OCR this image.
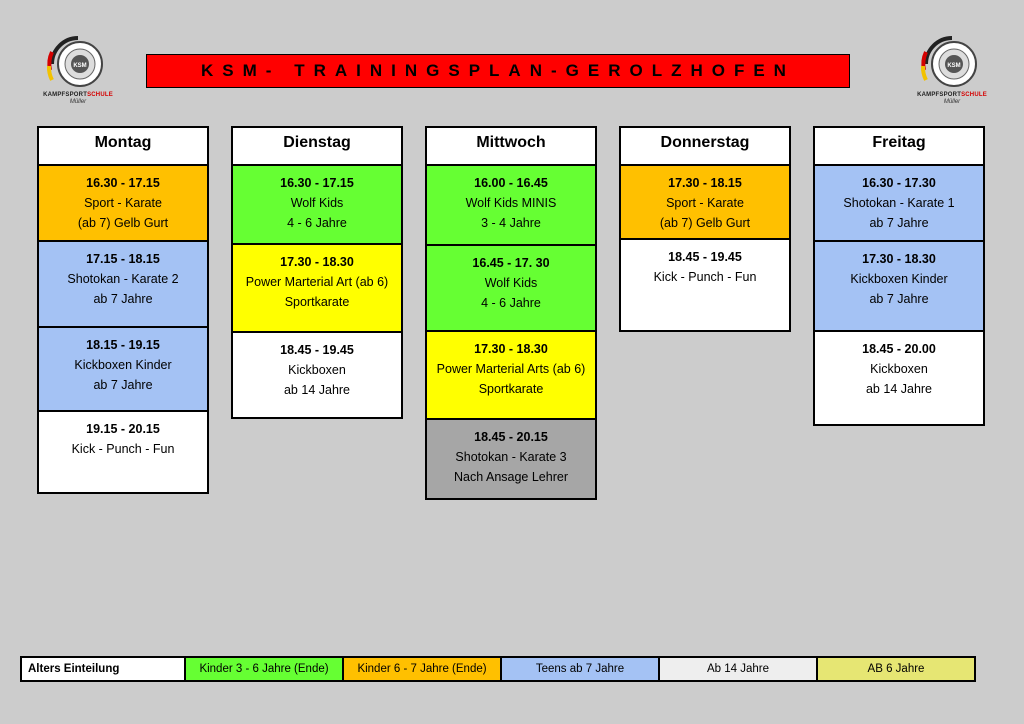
KSM
KAMPFSPORTSCHULE
Müller
KSM
KAMPFSPORTSCHULE
Müller
KSM- TRAININGSPLAN-GEROLZHOFEN
Montag
16.30 - 17.15
Sport - Karate
(ab 7) Gelb Gurt
17.15 - 18.15
Shotokan - Karate 2
ab 7 Jahre
18.15 - 19.15
Kickboxen Kinder
ab 7 Jahre
19.15 - 20.15
Kick - Punch - Fun
Dienstag
16.30 - 17.15
Wolf Kids
4 - 6 Jahre
17.30 - 18.30
Power Marterial Art (ab 6)
Sportkarate
18.45 - 19.45
Kickboxen
ab 14 Jahre
Mittwoch
16.00 - 16.45
Wolf Kids MINIS
3 - 4 Jahre
16.45 - 17. 30
Wolf Kids
4 - 6 Jahre
17.30 - 18.30
Power Marterial Arts (ab 6)
Sportkarate
18.45 - 20.15
Shotokan - Karate 3
Nach Ansage Lehrer
Donnerstag
17.30 - 18.15
Sport - Karate
(ab 7) Gelb Gurt
18.45 - 19.45
Kick - Punch - Fun
Freitag
16.30 - 17.30
Shotokan - Karate 1
ab 7 Jahre
17.30 - 18.30
Kickboxen Kinder
ab 7 Jahre
18.45 - 20.00
Kickboxen
ab 14 Jahre
Alters Einteilung	Kinder 3 - 6 Jahre (Ende)	Kinder 6 - 7 Jahre (Ende)	Teens ab 7 Jahre	Ab 14 Jahre	AB 6 Jahre
